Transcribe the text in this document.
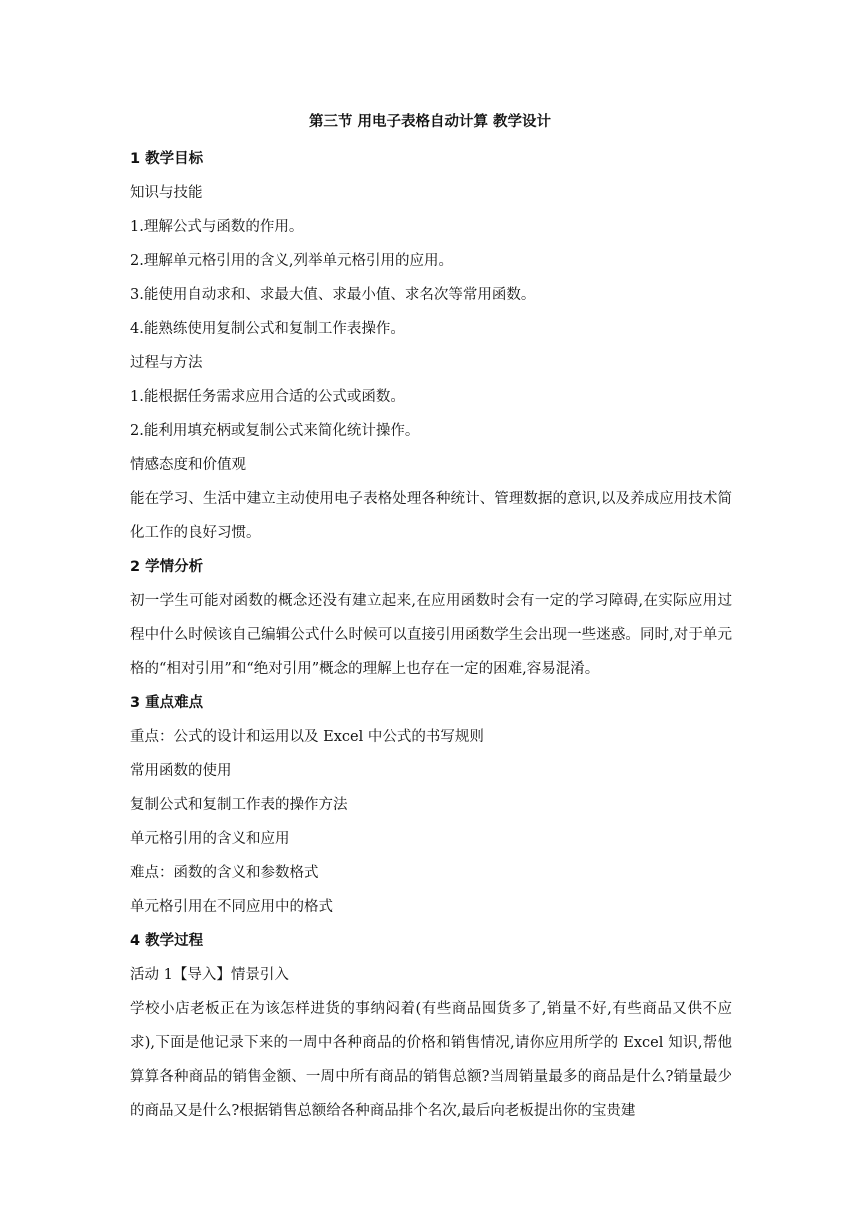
第三节 用电子表格自动计算 教学设计
1 教学目标
知识与技能
1.理解公式与函数的作用。
2.理解单元格引用的含义,列举单元格引用的应用。
3.能使用自动求和、求最大值、求最小值、求名次等常用函数。
4.能熟练使用复制公式和复制工作表操作。
过程与方法
1.能根据任务需求应用合适的公式或函数。
2.能利用填充柄或复制公式来简化统计操作。
情感态度和价值观

能在学习、生活中建立主动使用电子表格处理各种统计、管理数据的意识,以及养成应用技术简化工作的良好习惯。

2 学情分析

初一学生可能对函数的概念还没有建立起来,在应用函数时会有一定的学习障碍,在实际应用过程中什么时候该自己编辑公式什么时候可以直接引用函数学生会出现一些迷惑。同时,对于单元格的“相对引用”和“绝对引用”概念的理解上也存在一定的困难,容易混淆。

3 重点难点
重点：公式的设计和运用以及 Excel 中公式的书写规则
常用函数的使用
复制公式和复制工作表的操作方法
单元格引用的含义和应用
难点：函数的含义和参数格式
单元格引用在不同应用中的格式
4 教学过程
活动 1【导入】情景引入

学校小店老板正在为该怎样进货的事纳闷着(有些商品囤货多了,销量不好,有些商品又供不应求),下面是他记录下来的一周中各种商品的价格和销售情况,请你应用所学的 Excel 知识,帮他算算各种商品的销售金额、一周中所有商品的销售总额?当周销量最多的商品是什么?销量最少的商品又是什么?根据销售总额给各种商品排个名次,最后向老板提出你的宝贵建
